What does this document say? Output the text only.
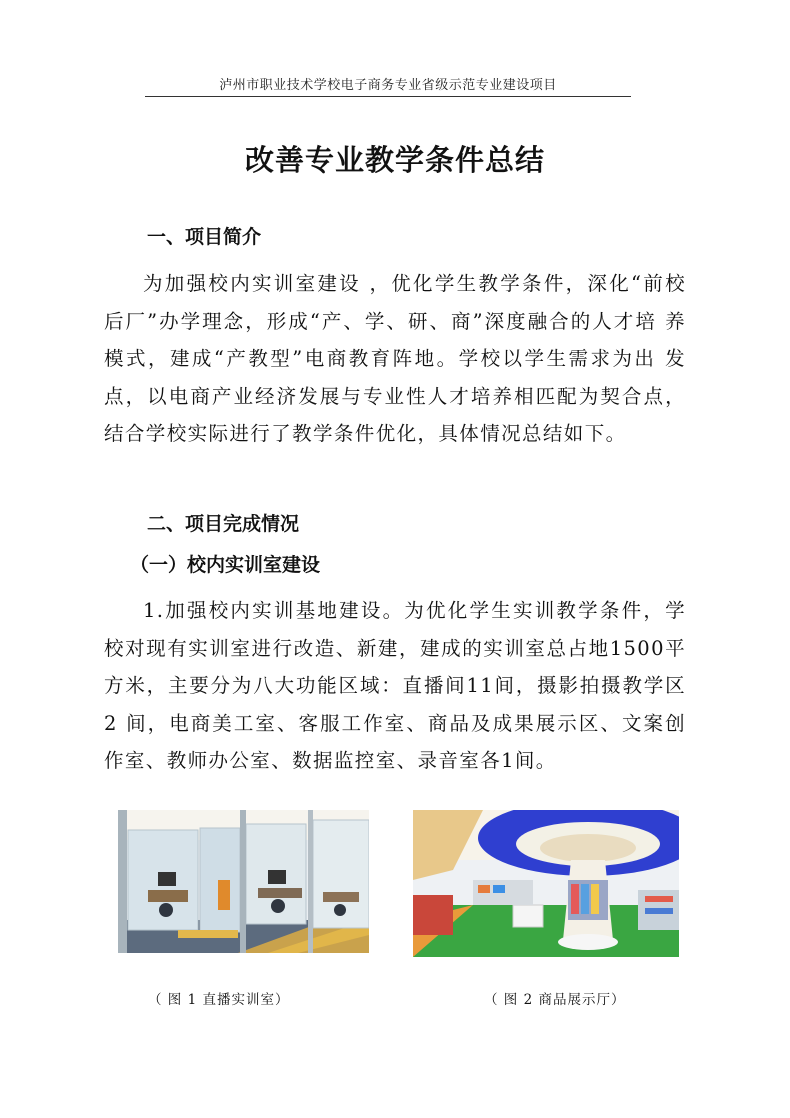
泸州市职业技术学校电子商务专业省级示范专业建设项目
改善专业教学条件总结
一、项目简介

为加强校内实训室建设 ，优化学生教学条件，深化“前校 后厂”办学理念，形成“产、学、研、商”深度融合的人才培 养模式，建成“产教型”电商教育阵地。学校以学生需求为出 发点，以电商产业经济发展与专业性人才培养相匹配为契合点，结合学校实际进行了教学条件优化，具体情况总结如下。

二、项目完成情况
（一）校内实训室建设

1.加强校内实训基地建设。为优化学生实训教学条件，学校对现有实训室进行改造、新建，建成的实训室总占地1500平方米，主要分为八大功能区域：直播间11间，摄影拍摄教学区 2 间，电商美工室、客服工作室、商品及成果展示区、文案创作室、教师办公室、数据监控室、录音室各1间。

（ 图 1 直播实训室）	（ 图 2 商品展示厅）
